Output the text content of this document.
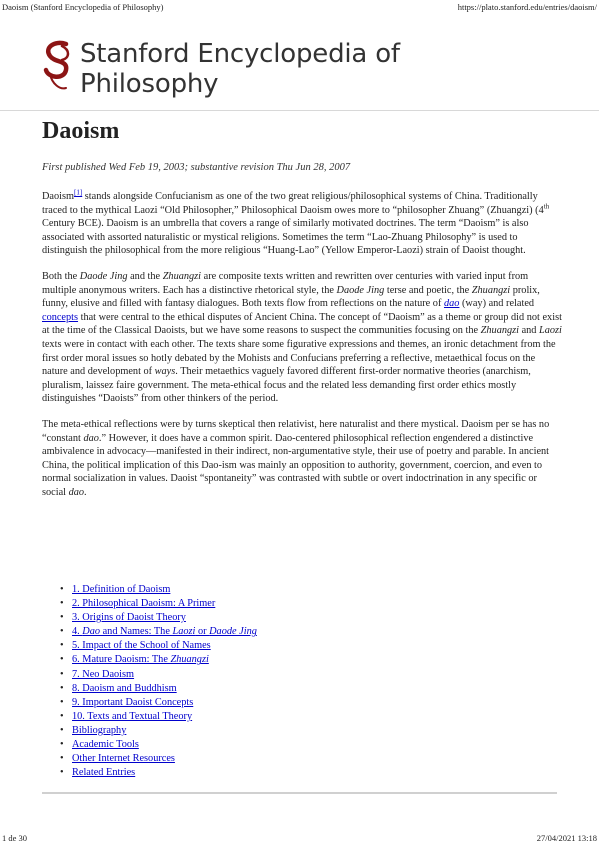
Daoism (Stanford Encyclopedia of Philosophy)	https://plato.stanford.edu/entries/daoism/
Stanford Encyclopedia of
Philosophy
Daoism
First published Wed Feb 19, 2003; substantive revision Thu Jun 28, 2007

Daoism[1] stands alongside Confucianism as one of the two great religious/philosophical systems of China. Traditionally traced to the mythical Laozi “Old Philosopher,” Philosophical Daoism owes more to “philosopher Zhuang” (Zhuangzi) (4th Century BCE). Daoism is an umbrella that covers a range of similarly motivated doctrines. The term “Daoism” is also associated with assorted naturalistic or mystical religions. Sometimes the term “Lao-Zhuang Philosophy” is used to distinguish the philosophical from the more religious “Huang-Lao” (Yellow Emperor-Laozi) strain of Daoist thought.

Both the Daode Jing and the Zhuangzi are composite texts written and rewritten over centuries with varied input from multiple anonymous writers. Each has a distinctive rhetorical style, the Daode Jing terse and poetic, the Zhuangzi prolix, funny, elusive and filled with fantasy dialogues. Both texts flow from reflections on the nature of dao (way) and related concepts that were central to the ethical disputes of Ancient China. The concept of “Daoism” as a theme or group did not exist at the time of the Classical Daoists, but we have some reasons to suspect the communities focusing on the Zhuangzi and Laozi texts were in contact with each other. The texts share some figurative expressions and themes, an ironic detachment from the first order moral issues so hotly debated by the Mohists and Confucians preferring a reflective, metaethical focus on the nature and development of ways. Their metaethics vaguely favored different first-order normative theories (anarchism, pluralism, laissez faire government. The meta-ethical focus and the related less demanding first order ethics mostly distinguishes “Daoists” from other thinkers of the period.

The meta-ethical reflections were by turns skeptical then relativist, here naturalist and there mystical. Daoism per se has no “constant dao.” However, it does have a common spirit. Dao-centered philosophical reflection engendered a distinctive ambivalence in advocacy—manifested in their indirect, non-argumentative style, their use of poetry and parable. In ancient China, the political implication of this Dao-ism was mainly an opposition to authority, government, coercion, and even to normal socialization in values. Daoist “spontaneity” was contrasted with subtle or overt indoctrination in any specific or social dao.

• 1. Definition of Daoism
• 2. Philosophical Daoism: A Primer
• 3. Origins of Daoist Theory
• 4. Dao and Names: The Laozi or Daode Jing
• 5. Impact of the School of Names
• 6. Mature Daoism: The Zhuangzi
• 7. Neo Daoism
• 8. Daoism and Buddhism
• 9. Important Daoist Concepts
• 10. Texts and Textual Theory
• Bibliography
• Academic Tools
• Other Internet Resources
• Related Entries
1 de 30	27/04/2021 13:18
